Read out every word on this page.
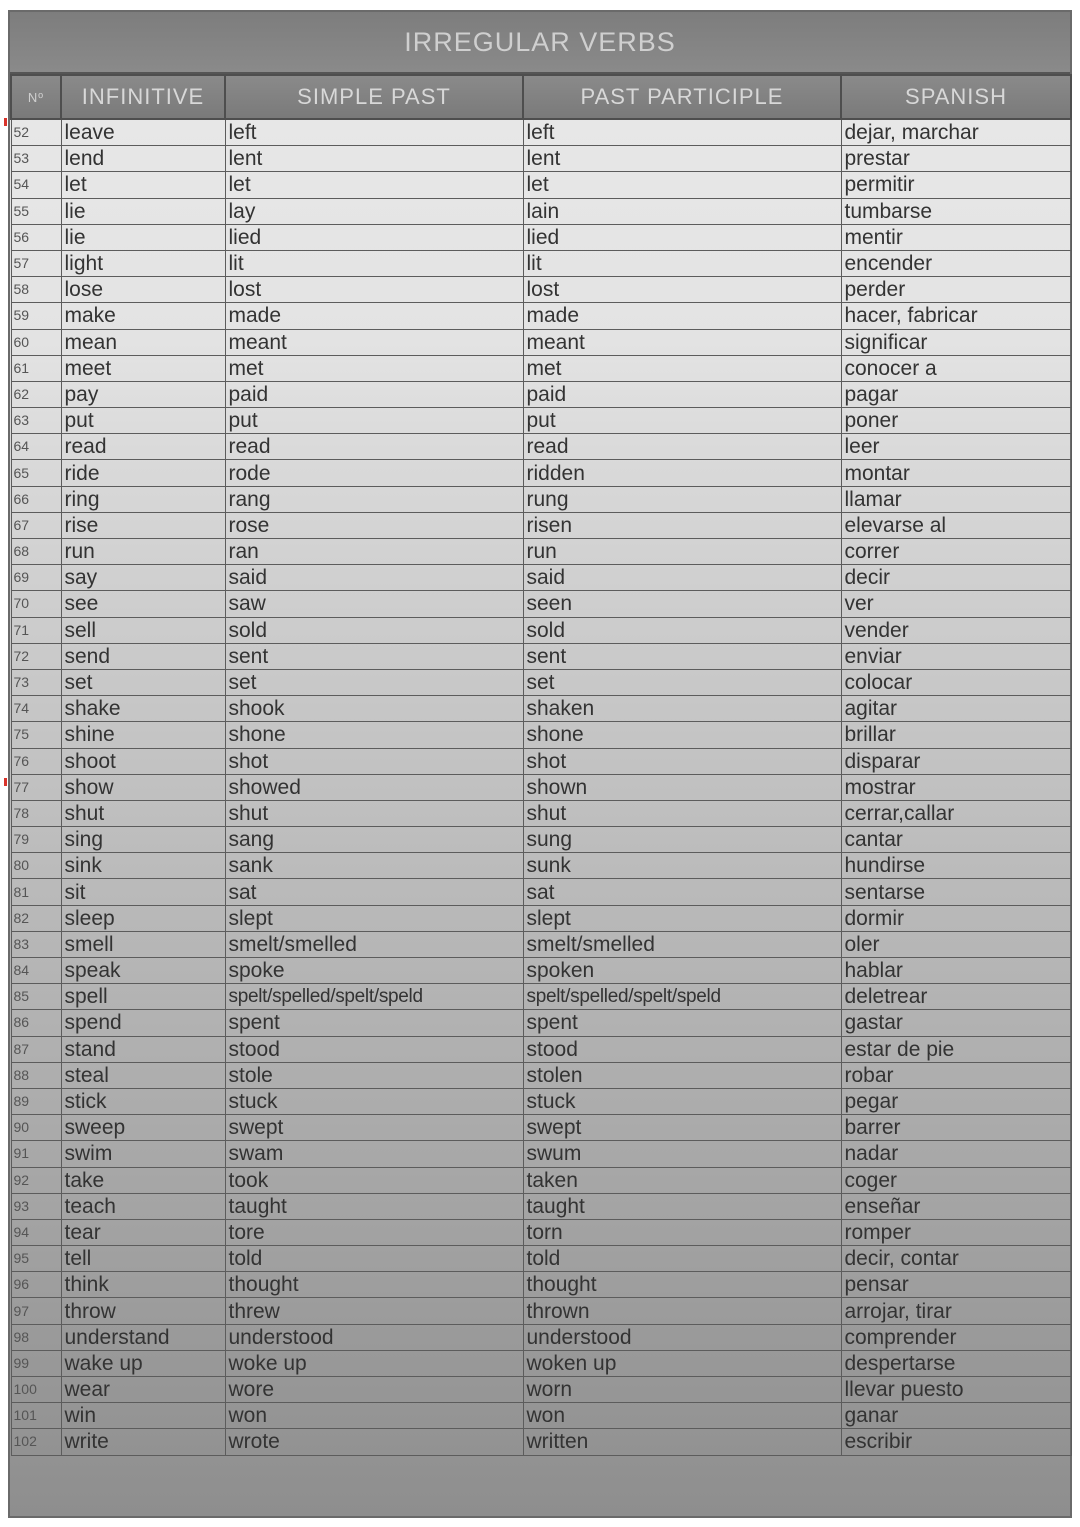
IRREGULAR VERBS
Nº	INFINITIVE	SIMPLE PAST	PAST PARTICIPLE	SPANISH
52	leave	left	left	dejar, marchar
53	lend	lent	lent	prestar
54	let	let	let	permitir
55	lie	lay	lain	tumbarse
56	lie	lied	lied	mentir
57	light	lit	lit	encender
58	lose	lost	lost	perder
59	make	made	made	hacer, fabricar
60	mean	meant	meant	significar
61	meet	met	met	conocer a
62	pay	paid	paid	pagar
63	put	put	put	poner
64	read	read	read	leer
65	ride	rode	ridden	montar
66	ring	rang	rung	llamar
67	rise	rose	risen	elevarse al
68	run	ran	run	correr
69	say	said	said	decir
70	see	saw	seen	ver
71	sell	sold	sold	vender
72	send	sent	sent	enviar
73	set	set	set	colocar
74	shake	shook	shaken	agitar
75	shine	shone	shone	brillar
76	shoot	shot	shot	disparar
77	show	showed	shown	mostrar
78	shut	shut	shut	cerrar,callar
79	sing	sang	sung	cantar
80	sink	sank	sunk	hundirse
81	sit	sat	sat	sentarse
82	sleep	slept	slept	dormir
83	smell	smelt/smelled	smelt/smelled	oler
84	speak	spoke	spoken	hablar
85	spell	spelt/spelled/spelt/speld	spelt/spelled/spelt/speld	deletrear
86	spend	spent	spent	gastar
87	stand	stood	stood	estar de pie
88	steal	stole	stolen	robar
89	stick	stuck	stuck	pegar
90	sweep	swept	swept	barrer
91	swim	swam	swum	nadar
92	take	took	taken	coger
93	teach	taught	taught	enseñar
94	tear	tore	torn	romper
95	tell	told	told	decir, contar
96	think	thought	thought	pensar
97	throw	threw	thrown	arrojar, tirar
98	understand	understood	understood	comprender
99	wake up	woke up	woken up	despertarse
100	wear	wore	worn	llevar puesto
101	win	won	won	ganar
102	write	wrote	written	escribir
